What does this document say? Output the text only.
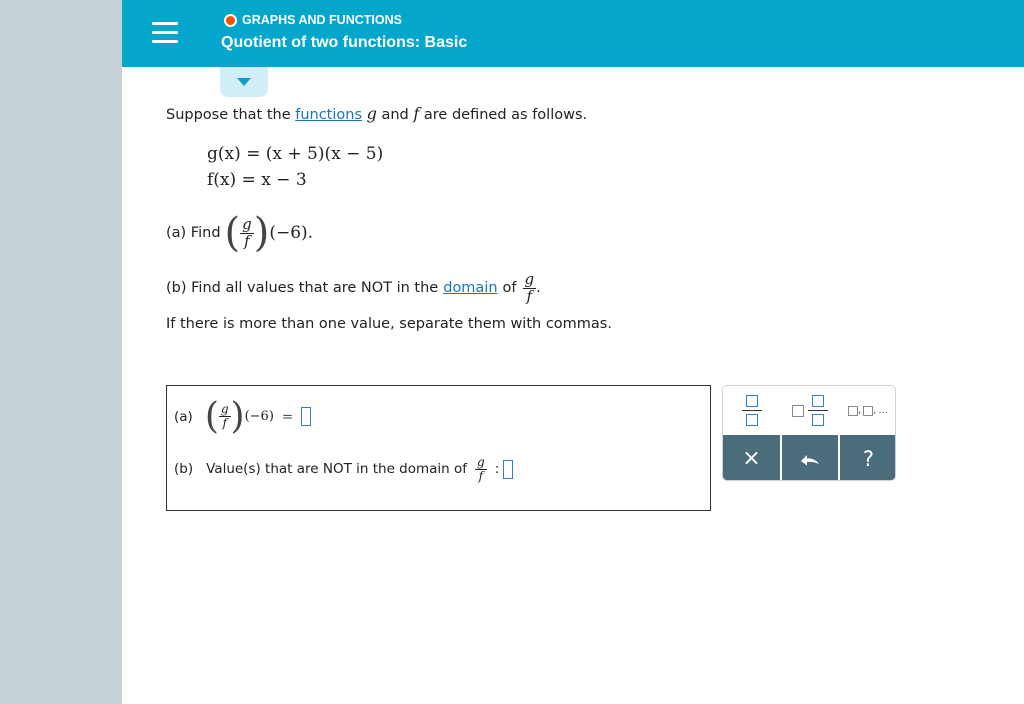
GRAPHS AND FUNCTIONS
Quotient of two functions: Basic
Suppose that the functions g and f are defined as follows.
g(x) = (x + 5)(x − 5)
f(x) = x − 3
(a) Find ( $\frac{g}{f}$ ) (−6).
(b) Find all values that are NOT in the domain of $\frac{g}{f}$ .
If there is more than one value, separate them with commas.
(a) ( $\frac{g}{f}$ ) (−6) =
(b) Value(s) that are NOT in the domain of $\frac{g}{f}$ :
, , ...
×	?
